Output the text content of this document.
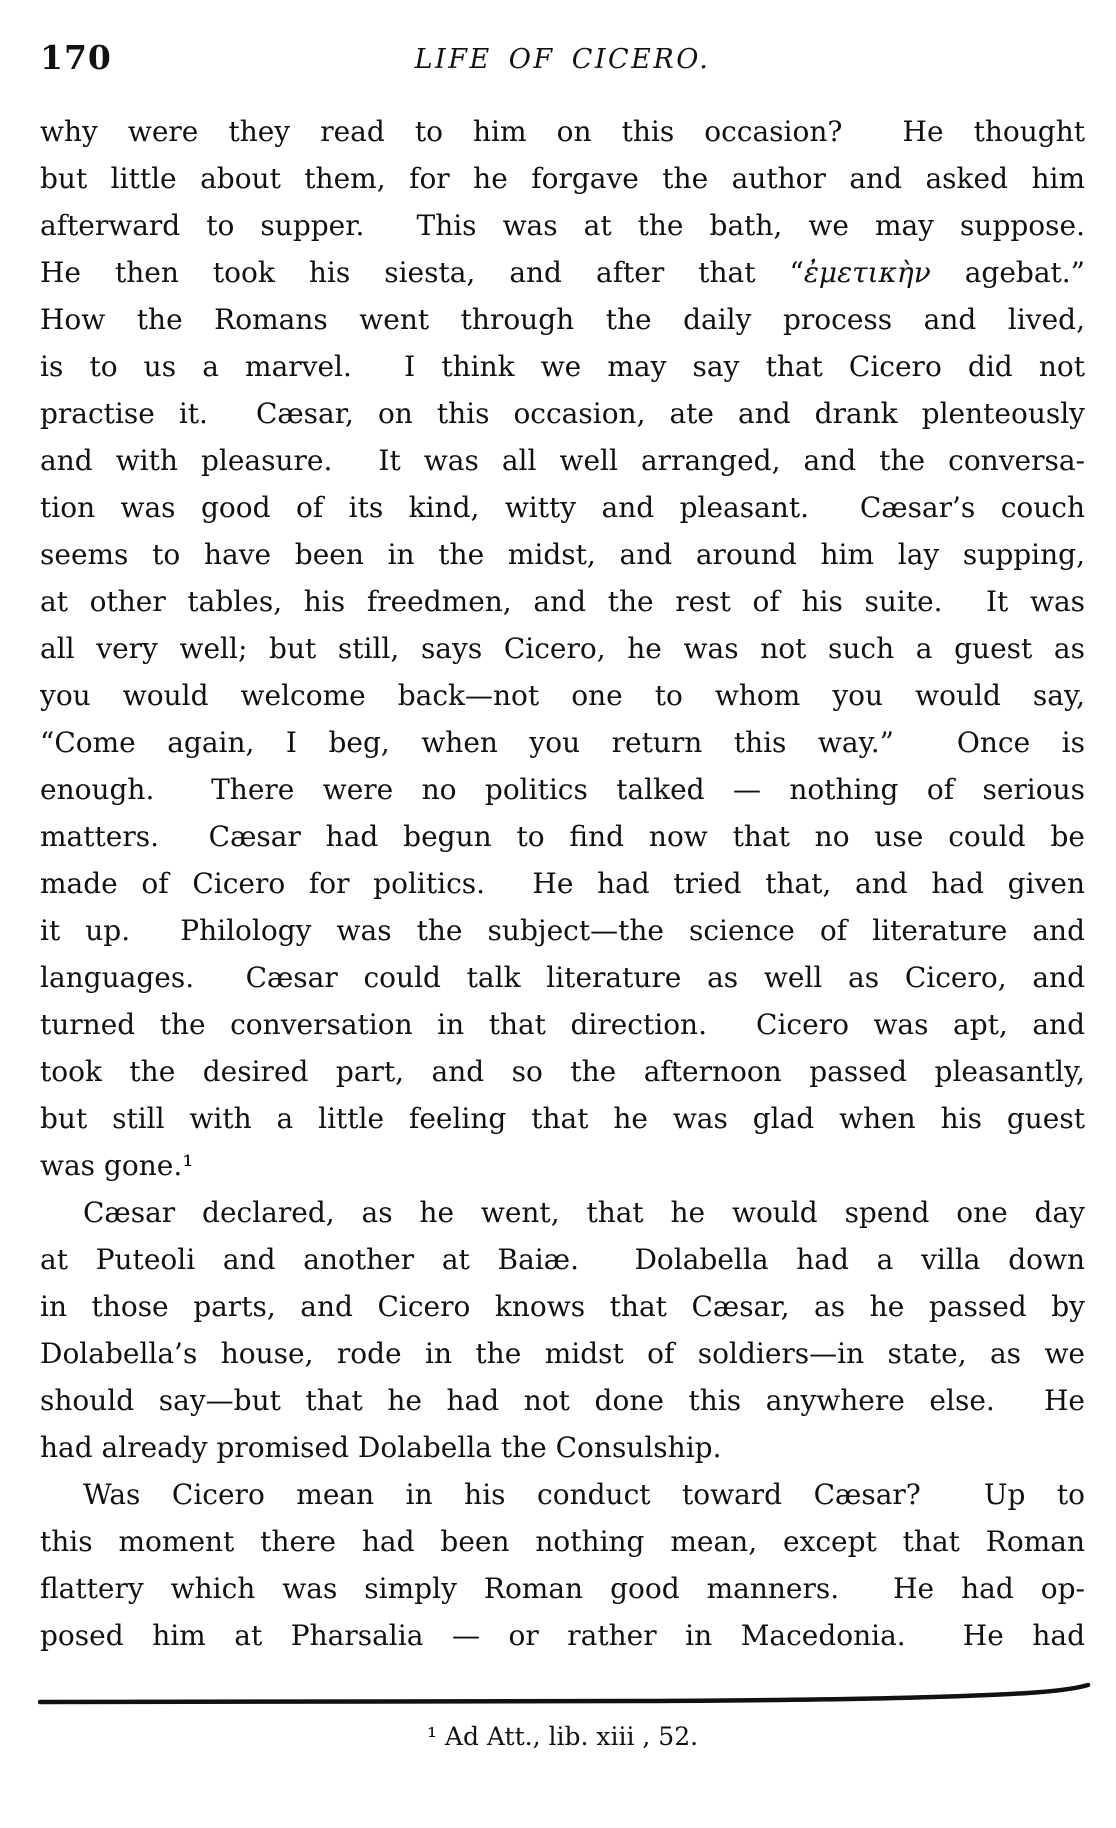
170	LIFE OF CICERO.
why were they read to him on this occasion?  He thought
but little about them, for he forgave the author and asked him
afterward to supper.  This was at the bath, we may suppose.
He then took his siesta, and after that “ἐμετικὴν agebat.”
How the Romans went through the daily process and lived,
is to us a marvel.  I think we may say that Cicero did not
practise it.  Cæsar, on this occasion, ate and drank plenteously
and with pleasure.  It was all well arranged, and the conversa-
tion was good of its kind, witty and pleasant.  Cæsar’s couch
seems to have been in the midst, and around him lay supping,
at other tables, his freedmen, and the rest of his suite.  It was
all very well; but still, says Cicero, he was not such a guest as
you would welcome back—not one to whom you would say,
“Come again, I beg, when you return this way.”  Once is
enough.  There were no politics talked — nothing of serious
matters.  Cæsar had begun to find now that no use could be
made of Cicero for politics.  He had tried that, and had given
it up.  Philology was the subject—the science of literature and
languages.  Cæsar could talk literature as well as Cicero, and
turned the conversation in that direction.  Cicero was apt, and
took the desired part, and so the afternoon passed pleasantly,
but still with a little feeling that he was glad when his guest
was gone.¹
Cæsar declared, as he went, that he would spend one day
at Puteoli and another at Baiæ.  Dolabella had a villa down
in those parts, and Cicero knows that Cæsar, as he passed by
Dolabella’s house, rode in the midst of soldiers—in state, as we
should say—but that he had not done this anywhere else.  He
had already promised Dolabella the Consulship.
Was Cicero mean in his conduct toward Cæsar?  Up to
this moment there had been nothing mean, except that Roman
flattery which was simply Roman good manners.  He had op-
posed him at Pharsalia — or rather in Macedonia.  He had
¹ Ad Att., lib. xiii , 52.
